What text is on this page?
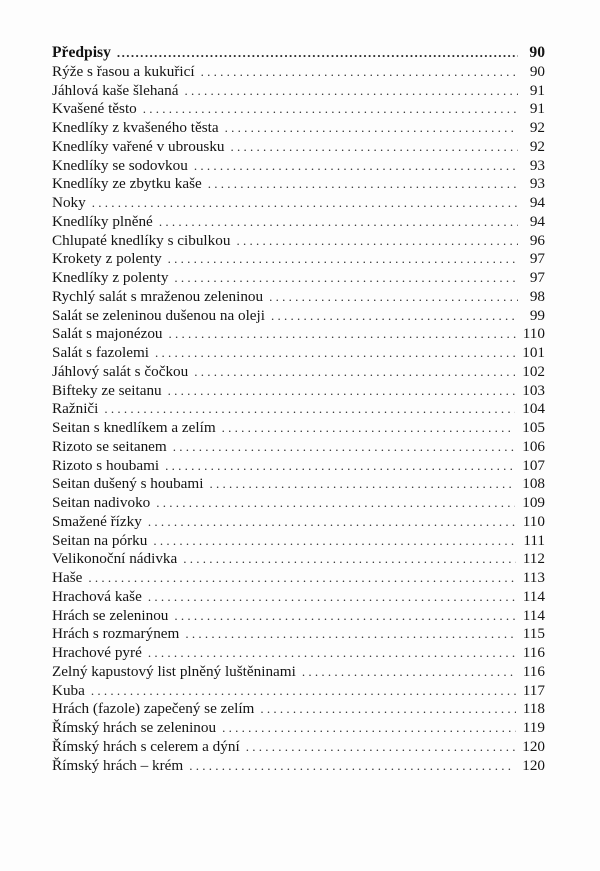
Předpisy .....	90
Rýže s řasou a kukuřicí . . .	90
Jáhlová kaše šlehaná . . .	91
Kvašené těsto . . .	91
Knedlíky z kvašeného těsta . . .	92
Knedlíky vařené v ubrousku . . .	92
Knedlíky se sodovkou . . .	93
Knedlíky ze zbytku kaše . . .	93
Noky . . .	94
Knedlíky plněné . . .	94
Chlupaté knedlíky s cibulkou . . .	96
Krokety z polenty . . .	97
Knedlíky z polenty . . .	97
Rychlý salát s mraženou zeleninou . . .	98
Salát se zeleninou dušenou na oleji . . .	99
Salát s majonézou . . .	110
Salát s fazolemi . . .	101
Jáhlový salát s čočkou . . .	102
Bifteky ze seitanu . . .	103
Ražniči . . .	104
Seitan s knedlíkem a zelím . . .	105
Rizoto se seitanem . . .	106
Rizoto s houbami . . .	107
Seitan dušený s houbami . . .	108
Seitan nadivoko . . .	109
Smažené řízky . . .	110
Seitan na pórku . . .	111
Velikonoční nádivka . . .	112
Haše . . .	113
Hrachová kaše . . .	114
Hrách se zeleninou . . .	114
Hrách s rozmarýnem . . .	115
Hrachové pyré . . .	116
Zelný kapustový list plněný luštěninami . . .	116
Kuba . . .	117
Hrách (fazole) zapečený se zelím . . .	118
Římský hrách se zeleninou . . .	119
Římský hrách s celerem a dýní . . .	120
Římský hrách – krém . . .	120
